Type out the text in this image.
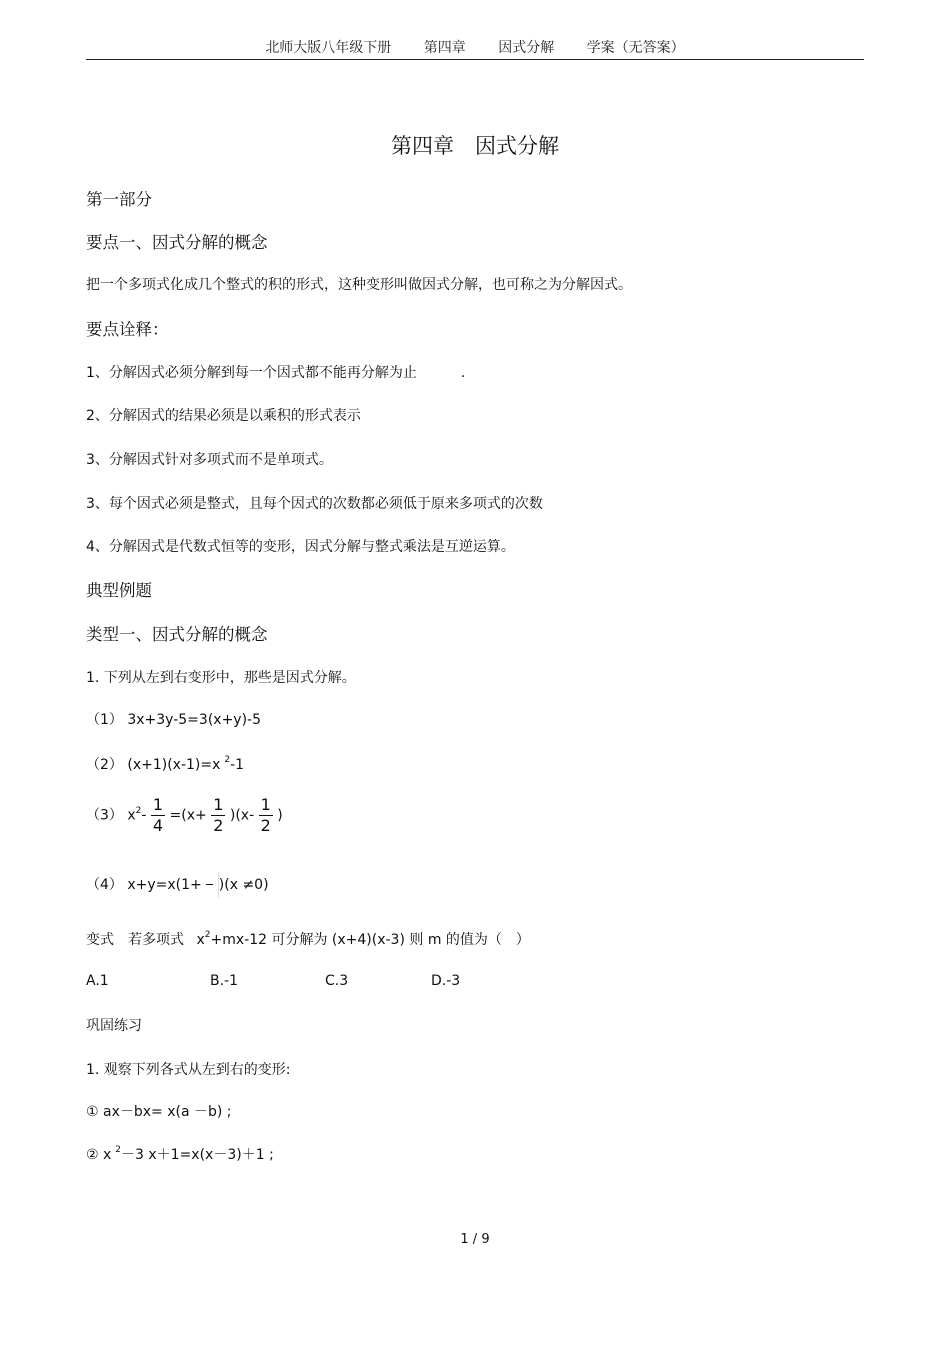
北师大版八年级下册 第四章 因式分解 学案（无答案）
第四章　因式分解
第一部分
要点一、因式分解的概念
把一个多项式化成几个整式的积的形式，这种变形叫做因式分解，也可称之为分解因式。
要点诠释：
1、分解因式必须分解到每一个因式都不能再分解为止	.
2、分解因式的结果必须是以乘积的形式表示
3、分解因式针对多项式而不是单项式。
3、每个因式必须是整式，且每个因式的次数都必须低于原来多项式的次数
4、分解因式是代数式恒等的变形，因式分解与整式乘法是互逆运算。
典型例题
类型一、因式分解的概念
1. 下列从左到右变形中，那些是因式分解。
（1） 3x+3y-5=3(x+y)-5
（2） (x+1)(x-1)=x $^2$-1
（3） $x^2- \frac{1}{4} =(x+ \frac{1}{2} )(x- \frac{1}{2}$ )
（4） x+y=x(1+ )(x ≠0)
变式　若多项式 $x^2+mx-12$ 可分解为 (x+4)(x-3) 则 m 的值为（　）
A.1	B.-1	C.3	D.-3
巩固练习
1. 观察下列各式从左到右的变形:
① ax－bx= x(a －b) ;
② x $^2$－3 x＋1=x(x－3)＋1 ;
1 / 9
